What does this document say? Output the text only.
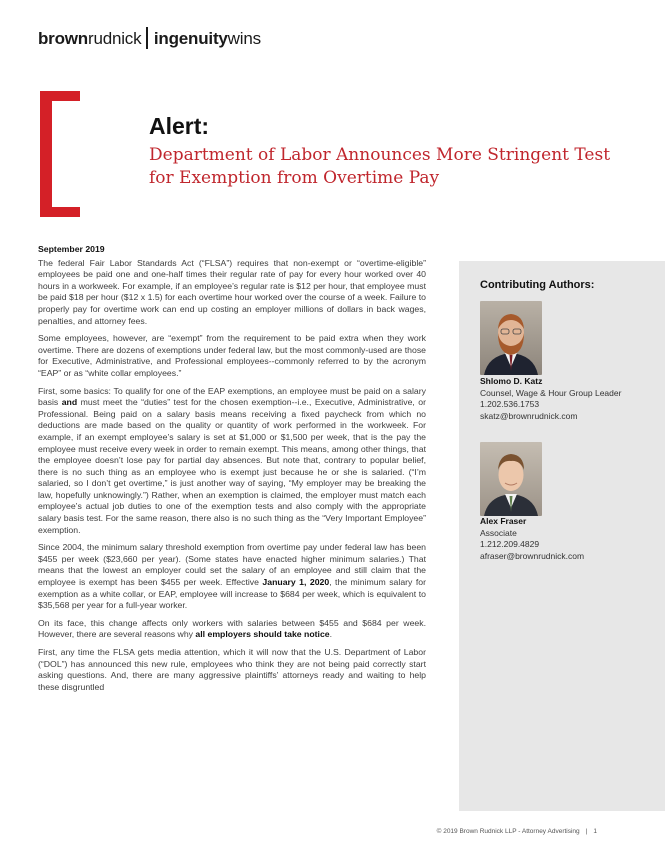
brownrudnick ingenuitywins
Alert:
Department of Labor Announces More Stringent Test for Exemption from Overtime Pay
September 2019

The federal Fair Labor Standards Act (“FLSA”) requires that non-exempt or “overtime-eligible” employees be paid one and one-half times their regular rate of pay for every hour worked over 40 hours in a workweek. For example, if an employee’s regular rate is $12 per hour, that employee must be paid $18 per hour ($12 x 1.5) for each overtime hour worked over the course of a week. Failure to properly pay for overtime work can end up costing an employer millions of dollars in back wages, penalties, and attorney fees.

Some employees, however, are “exempt” from the requirement to be paid extra when they work overtime. There are dozens of exemptions under federal law, but the most commonly-used are those for Executive, Administrative, and Professional employees--commonly referred to by the acronym “EAP” or as “white collar employees.”

First, some basics: To qualify for one of the EAP exemptions, an employee must be paid on a salary basis and must meet the “duties” test for the chosen exemption--i.e., Executive, Administrative, or Professional. Being paid on a salary basis means receiving a fixed paycheck from which no deductions are made based on the quality or quantity of work performed in the workweek. For example, if an exempt employee’s salary is set at $1,000 or $1,500 per week, that is the pay the employee must receive every week in order to remain exempt. This means, among other things, that the employee doesn’t lose pay for partial day absences. But note that, contrary to popular belief, there is no such thing as an employee who is exempt just because he or she is salaried. (“I’m salaried, so I don’t get overtime,” is just another way of saying, “My employer may be breaking the law, hopefully unknowingly.”) Rather, when an exemption is claimed, the employer must match each employee’s actual job duties to one of the exemption tests and also comply with the appropriate salary basis test. For the same reason, there also is no such thing as the “Very Important Employee” exemption.

Since 2004, the minimum salary threshold exemption from overtime pay under federal law has been $455 per week ($23,660 per year). (Some states have enacted higher minimum salaries.) That means that the lowest an employer could set the salary of an employee and still claim that the employee is exempt has been $455 per week. Effective January 1, 2020, the minimum salary for exemption as a white collar, or EAP, employee will increase to $684 per week, which is equivalent to $35,568 per year for a full-year worker.

On its face, this change affects only workers with salaries between $455 and $684 per week. However, there are several reasons why all employers should take notice.

First, any time the FLSA gets media attention, which it will now that the U.S. Department of Labor (“DOL”) has announced this new rule, employees who think they are not being paid correctly start asking questions. And, there are many aggressive plaintiffs’ attorneys ready and waiting to help these disgruntled

Contributing Authors:
Shlomo D. Katz
Counsel, Wage & Hour Group Leader
1.202.536.1753
skatz@brownrudnick.com
Alex Fraser
Associate
1.212.209.4829
afraser@brownrudnick.com
© 2019 Brown Rudnick LLP - Attorney Advertising | 1
